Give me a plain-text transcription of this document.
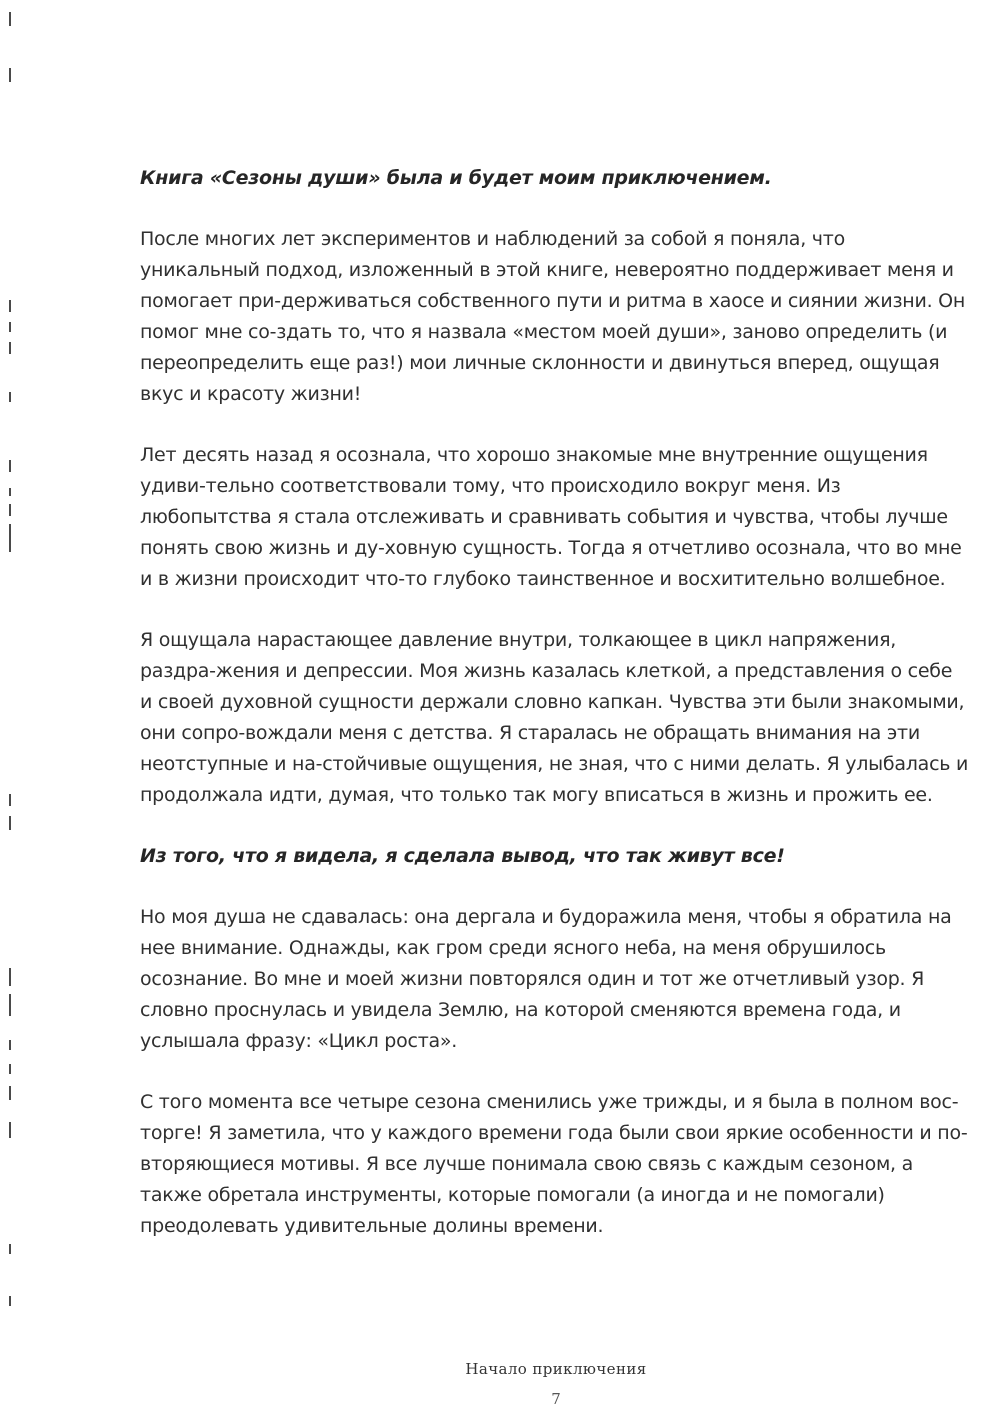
Книга «Сезоны души» была и будет моим приключением.

После многих лет экспериментов и наблюдений за собой я поняла, что уникальный подход, изложенный в этой книге, невероятно поддерживает меня и помогает при-держиваться собственного пути и ритма в хаосе и сиянии жизни. Он помог мне со-здать то, что я назвала «местом моей души», заново определить (и переопределить еще раз!) мои личные склонности и двинуться вперед, ощущая вкус и красоту жизни!

Лет десять назад я осознала, что хорошо знакомые мне внутренние ощущения удиви-тельно соответствовали тому, что происходило вокруг меня. Из любопытства я стала отслеживать и сравнивать события и чувства, чтобы лучше понять свою жизнь и ду-ховную сущность. Тогда я отчетливо осознала, что во мне и в жизни происходит что-то глубоко таинственное и восхитительно волшебное.

Я ощущала нарастающее давление внутри, толкающее в цикл напряжения, раздра-жения и депрессии. Моя жизнь казалась клеткой, а представления о себе и своей духовной сущности держали словно капкан. Чувства эти были знакомыми, они сопро-вождали меня с детства. Я старалась не обращать внимания на эти неотступные и на-стойчивые ощущения, не зная, что с ними делать. Я улыбалась и продолжала идти, думая, что только так могу вписаться в жизнь и прожить ее.

Из того, что я видела, я сделала вывод, что так живут все!

Но моя душа не сдавалась: она дергала и будоражила меня, чтобы я обратила на нее внимание. Однажды, как гром среди ясного неба, на меня обрушилось осознание. Во мне и моей жизни повторялся один и тот же отчетливый узор. Я словно проснулась и увидела Землю, на которой сменяются времена года, и услышала фразу: «Цикл роста».

С того момента все четыре сезона сменились уже трижды, и я была в полном вос-торге! Я заметила, что у каждого времени года были свои яркие особенности и по-вторяющиеся мотивы. Я все лучше понимала свою связь с каждым сезоном, а также обретала инструменты, которые помогали (а иногда и не помогали) преодолевать удивительные долины времени.

Начало приключения
7
